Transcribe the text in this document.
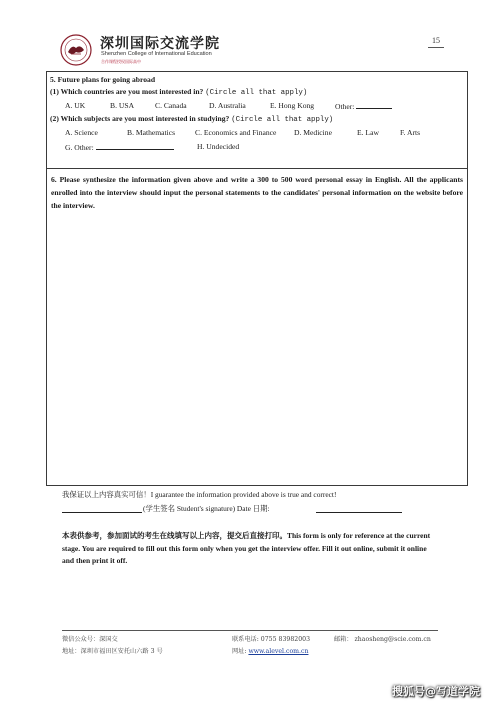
深圳国际交流学院
Shenzhen College of International Education
合作课程授权国际高中
15
5. Future plans for going abroad
(1) Which countries are you most interested in? (Circle all that apply)
A. UK	B. USA	C. Canada	D. Australia	E. Hong Kong	Other:
(2) Which subjects are you most interested in studying? (Circle all that apply)
A. Science	B. Mathematics	C. Economics and Finance D. Medicine	E. Law	F. Arts
G. Other:	H. Undecided
6. Please synthesize the information given above and write a 300 to 500 word personal essay in English. All the applicants enrolled into the interview should input the personal statements to the candidates' personal information on the website before the interview.
我保证以上内容真实可信！I guarantee the information provided above is true and correct!
(学生签名 Student's signature) Date 日期:
本表供参考，参加面试的考生在线填写以上内容，提交后直接打印。This form is only for reference at the current stage. You are required to fill out this form only when you get the interview offer. Fill it out online, submit it online and then print it off.
微信公众号：深国交
地址：深圳市福田区安托山六路 3 号
联系电话: 0755 83982003	邮箱： zhaosheng@scie.com.cn
网址: www.alevel.com.cn
搜狐号@写道学院
